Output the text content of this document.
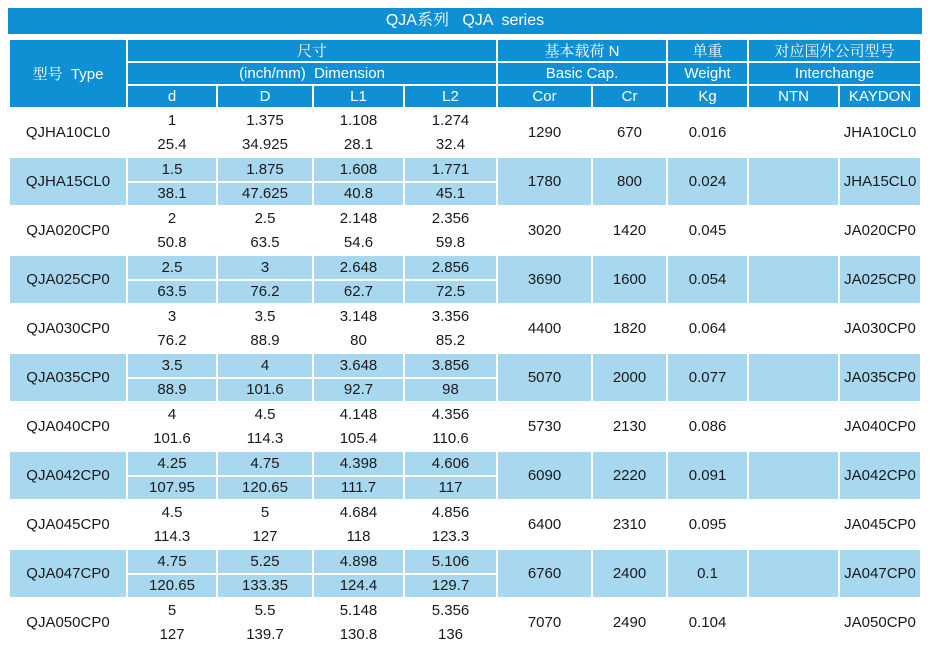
QJA系列   QJA  series
型号  Type	尺寸				基本载荷 N		单重	对应国外公司型号	
	(inch/mm)  Dimension				Basic Cap.		Weight	Interchange	
	d	D	L1	L2	Cor	Cr	Kg	NTN	KAYDON
QJHA10CL0	1	1.375	1.108	1.274	1290	670	0.016		JHA10CL0
	25.4	34.925	28.1	32.4					
QJHA15CL0	1.5	1.875	1.608	1.771	1780	800	0.024		JHA15CL0
	38.1	47.625	40.8	45.1					
QJA020CP0	2	2.5	2.148	2.356	3020	1420	0.045		JA020CP0
	50.8	63.5	54.6	59.8					
QJA025CP0	2.5	3	2.648	2.856	3690	1600	0.054		JA025CP0
	63.5	76.2	62.7	72.5					
QJA030CP0	3	3.5	3.148	3.356	4400	1820	0.064		JA030CP0
	76.2	88.9	80	85.2					
QJA035CP0	3.5	4	3.648	3.856	5070	2000	0.077		JA035CP0
	88.9	101.6	92.7	98					
QJA040CP0	4	4.5	4.148	4.356	5730	2130	0.086		JA040CP0
	101.6	114.3	105.4	110.6					
QJA042CP0	4.25	4.75	4.398	4.606	6090	2220	0.091		JA042CP0
	107.95	120.65	111.7	117					
QJA045CP0	4.5	5	4.684	4.856	6400	2310	0.095		JA045CP0
	114.3	127	118	123.3					
QJA047CP0	4.75	5.25	4.898	5.106	6760	2400	0.1		JA047CP0
	120.65	133.35	124.4	129.7					
QJA050CP0	5	5.5	5.148	5.356	7070	2490	0.104		JA050CP0
	127	139.7	130.8	136					
